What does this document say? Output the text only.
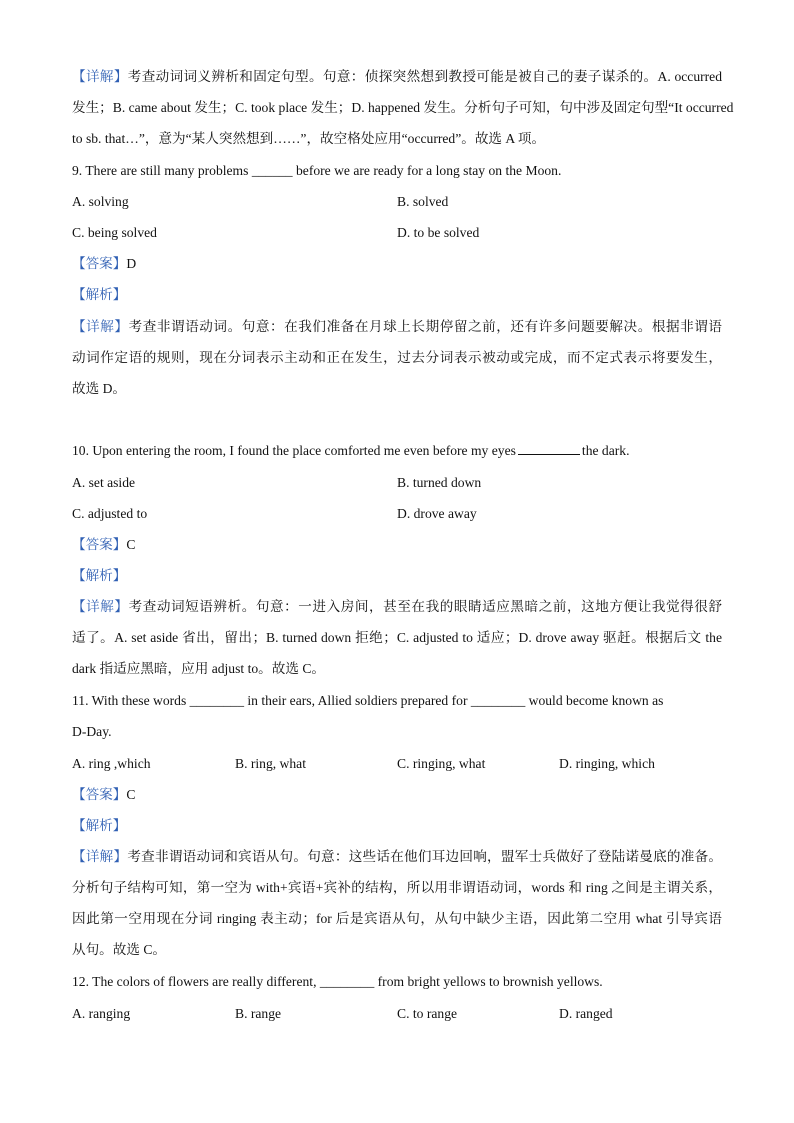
【详解】考查动词词义辨析和固定句型。句意：侦探突然想到教授可能是被自己的妻子谋杀的。A. occurred
发生；B. came about 发生；C. took place 发生；D. happened 发生。分析句子可知，句中涉及固定句型“It occurred
to sb. that…”，意为“某人突然想到……”，故空格处应用“occurred”。故选 A 项。
9. There are still many problems ______ before we are ready for a long stay on the Moon.
A. solving	B. solved
C. being solved	D. to be solved
【答案】D
【解析】
【详解】考查非谓语动词。句意：在我们准备在月球上长期停留之前，还有许多问题要解决。根据非谓语
动词作定语的规则，现在分词表示主动和正在发生，过去分词表示被动或完成，而不定式表示将要发生，
故选 D。
10. Upon entering the room, I found the place comforted me even before my eyes	the dark.
A. set aside	B. turned down
C. adjusted to	D. drove away
【答案】C
【解析】
【详解】考查动词短语辨析。句意：一进入房间，甚至在我的眼睛适应黑暗之前，这地方便让我觉得很舒
适了。A. set aside 省出，留出；B. turned down 拒绝；C. adjusted to 适应；D. drove away 驱赶。根据后文 the
dark 指适应黑暗，应用 adjust to。故选 C。
11. With these words ________ in their ears, Allied soldiers prepared for ________ would become known as
D-Day.
A. ring ,which	B. ring, what	C. ringing, what	D. ringing, which
【答案】C
【解析】
【详解】考查非谓语动词和宾语从句。句意：这些话在他们耳边回响，盟军士兵做好了登陆诺曼底的准备。
分析句子结构可知，第一空为 with+宾语+宾补的结构，所以用非谓语动词，words 和 ring 之间是主谓关系，
因此第一空用现在分词 ringing 表主动；for 后是宾语从句，从句中缺少主语，因此第二空用 what 引导宾语
从句。故选 C。
12. The colors of flowers are really different, ________ from bright yellows to brownish yellows.
A. ranging	B. range	C. to range	D. ranged
